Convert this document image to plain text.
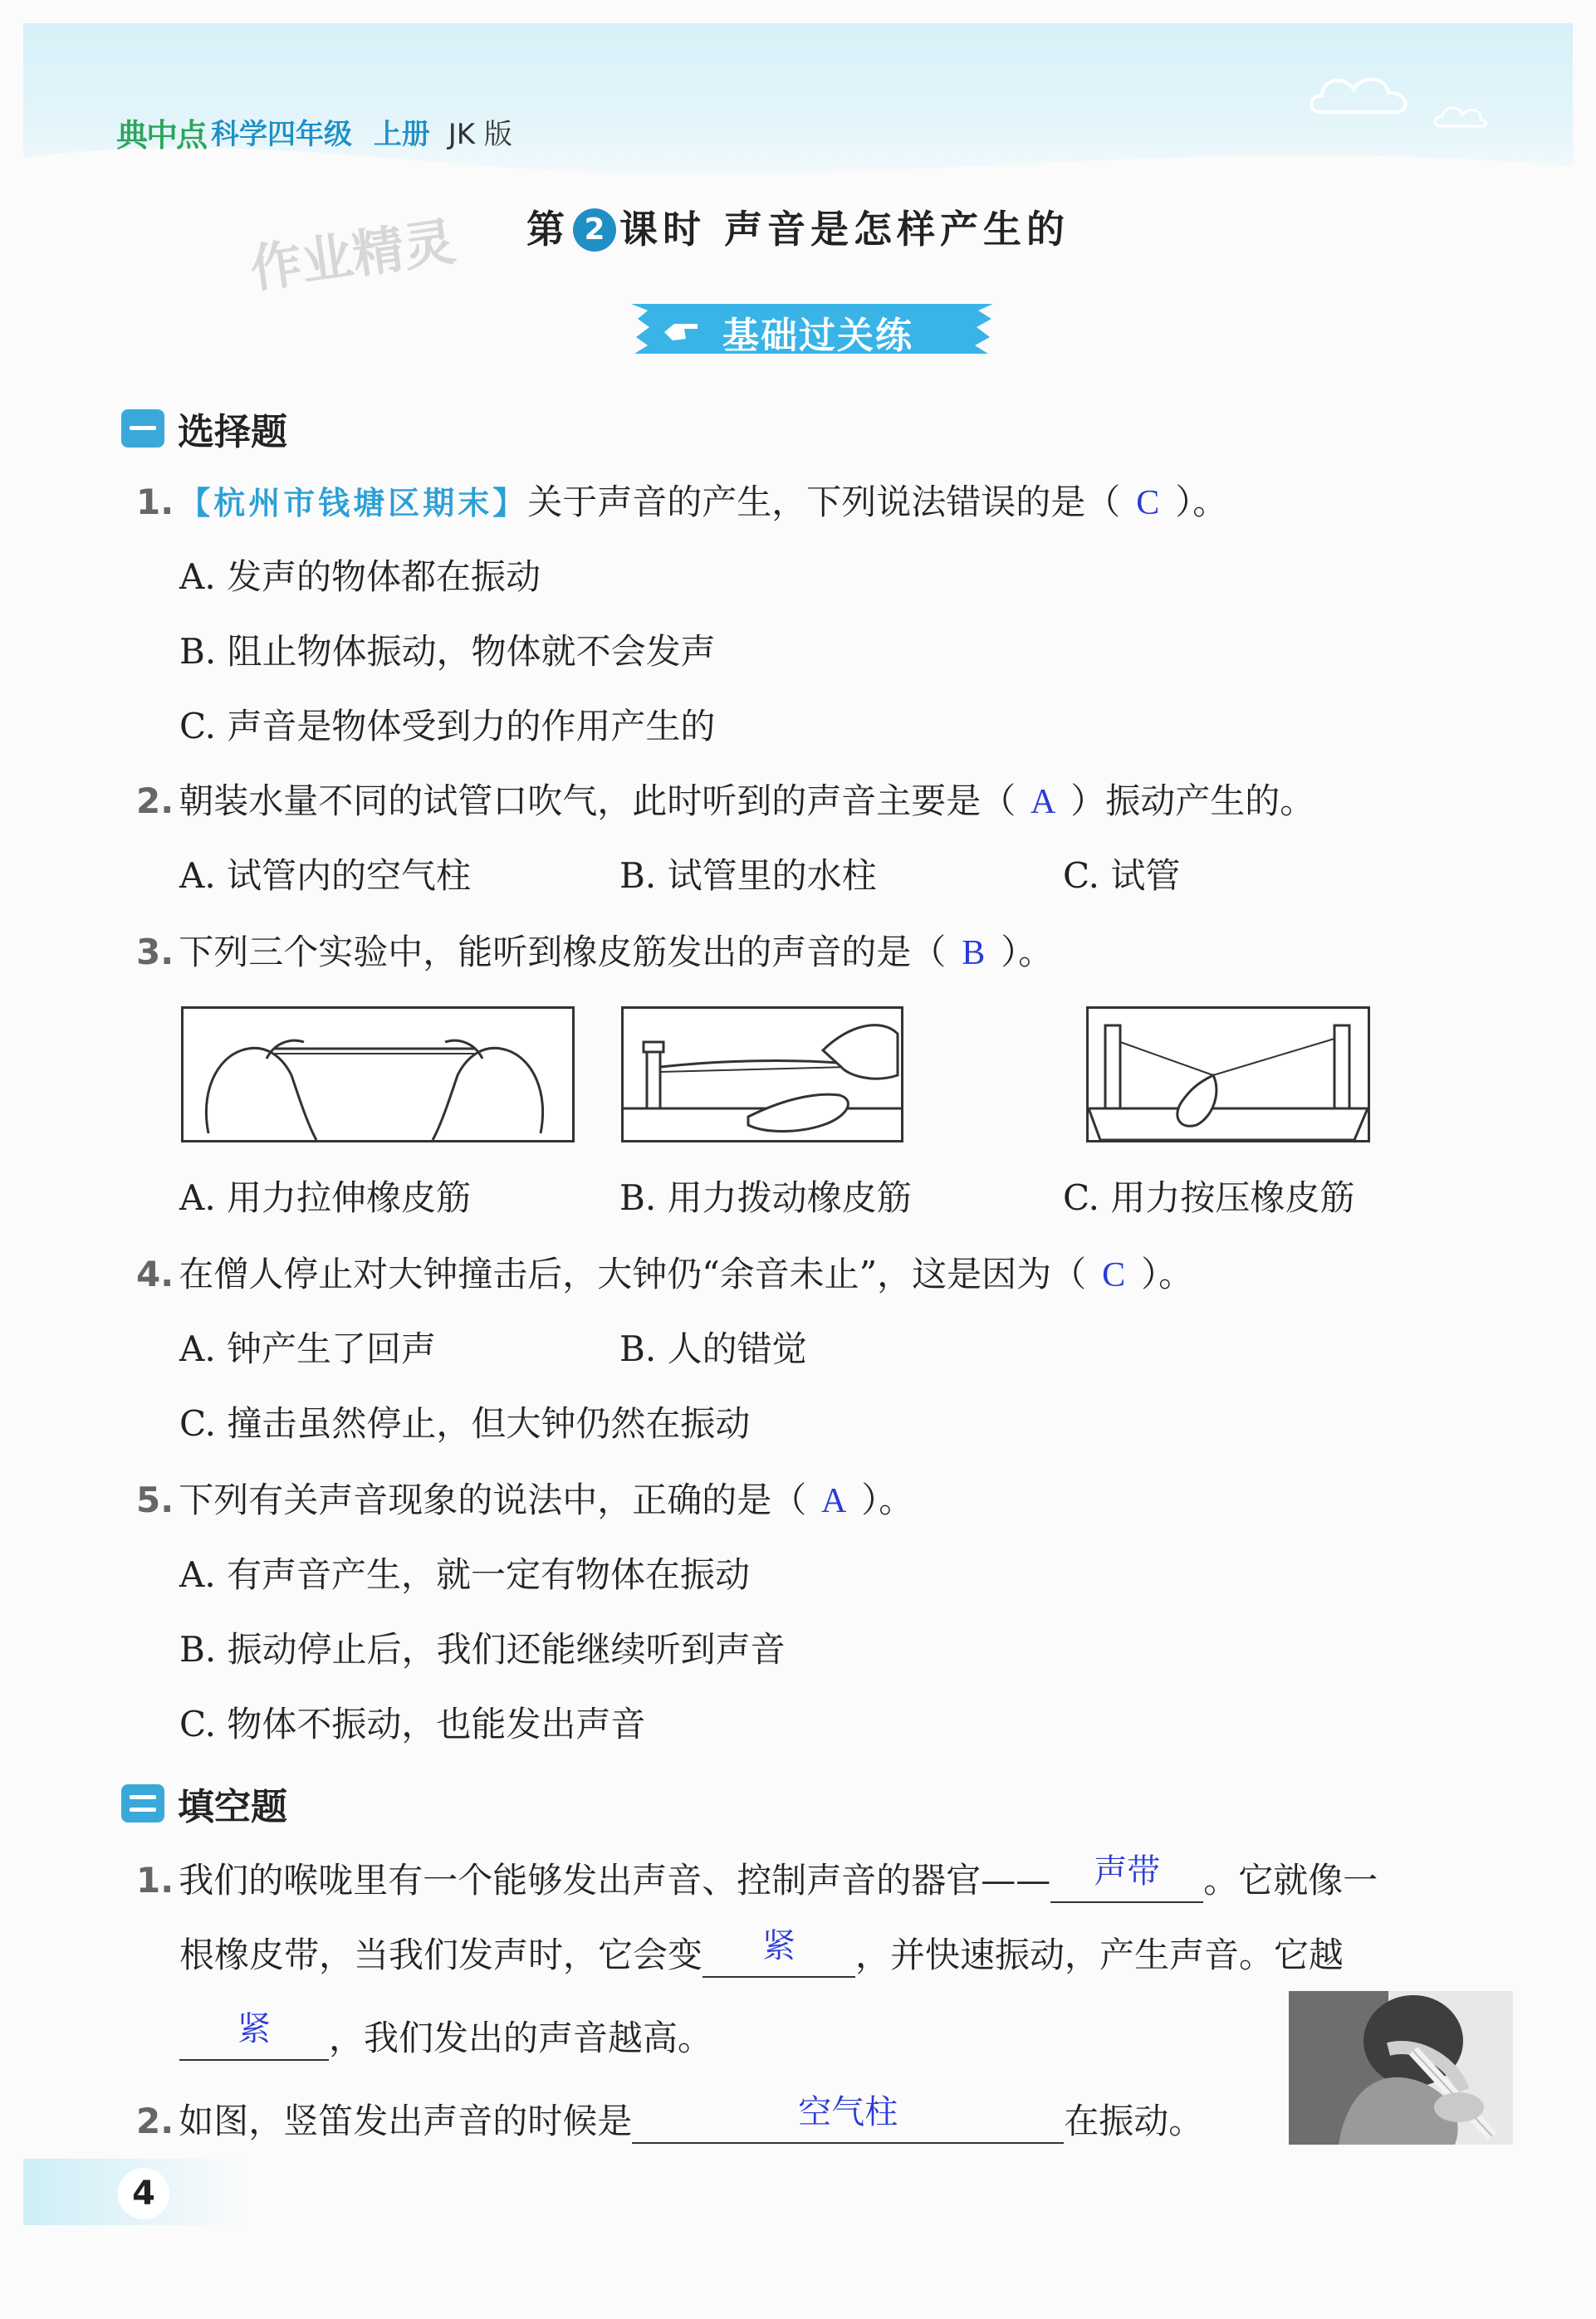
典中点 科学四年级 上册 JK 版
作业精灵	第 2 课时 声音是怎样产生的
基础过关练
选择题
1. 【杭州市钱塘区期末】关于声音的产生，下列说法错误的是（ C ）。
A. 发声的物体都在振动
B. 阻止物体振动，物体就不会发声
C. 声音是物体受到力的作用产生的
2. 朝装水量不同的试管口吹气，此时听到的声音主要是（ A ）振动产生的。
A. 试管内的空气柱	B. 试管里的水柱	C. 试管
3. 下列三个实验中，能听到橡皮筋发出的声音的是（ B ）。
A. 用力拉伸橡皮筋	B. 用力拨动橡皮筋	C. 用力按压橡皮筋
4. 在僧人停止对大钟撞击后，大钟仍“余音未止”，这是因为（ C ）。
A. 钟产生了回声	B. 人的错觉
C. 撞击虽然停止，但大钟仍然在振动
5. 下列有关声音现象的说法中，正确的是（ A ）。
A. 有声音产生，就一定有物体在振动
B. 振动停止后，我们还能继续听到声音
C. 物体不振动，也能发出声音
填空题
1. 我们的喉咙里有一个能够发出声音、控制声音的器官—— 声带 。它就像一
根橡皮带，当我们发声时，它会变 紧 ，并快速振动，产生声音。它越
紧 ，我们发出的声音越高。
2. 如图，竖笛发出声音的时候是	空气柱	在振动。
4
